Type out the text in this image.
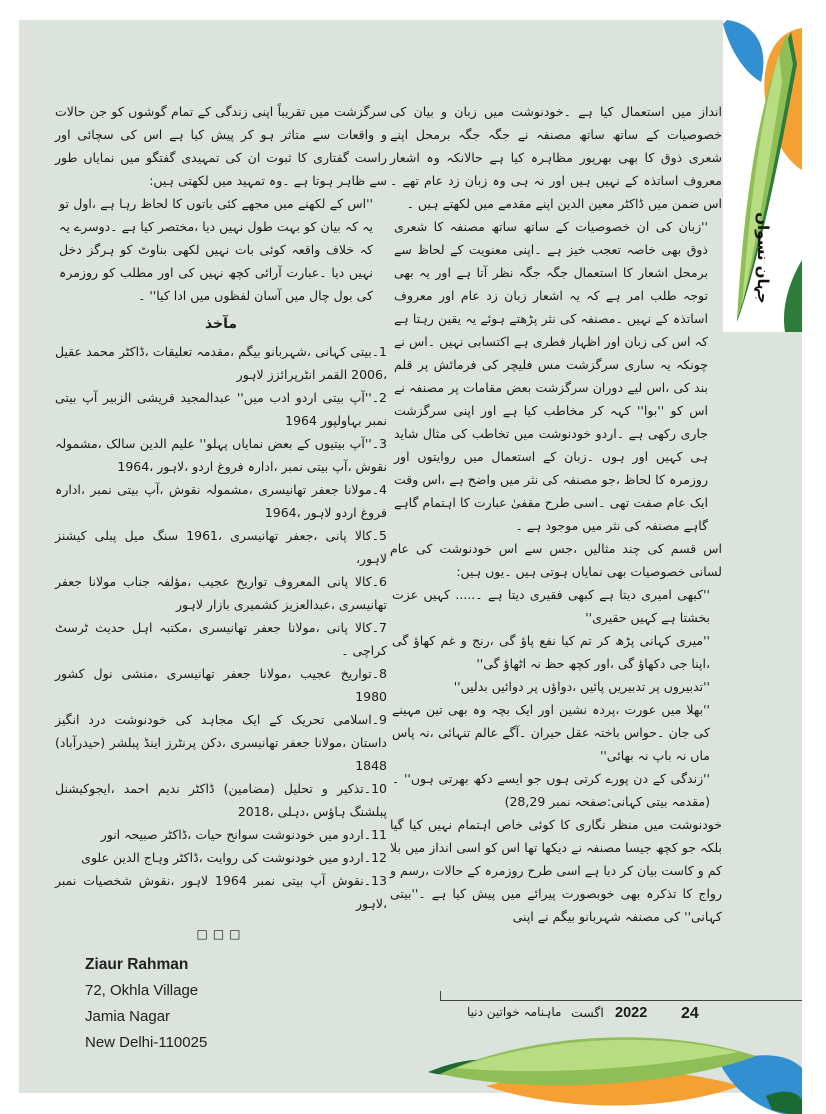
انداز میں استعمال کیا ہے ۔خودنوشت میں زبان و بیان کی خصوصیات کے ساتھ ساتھ مصنفہ نے جگہ جگہ برمحل اپنے شعری ذوق کا بھی بھرپور مظاہرہ کیا ہے حالانکہ وہ اشعار معروف اساتذہ کے نہیں ہیں اور نہ ہی وہ زبان زد عام تھے ۔اس ضمن میں ڈاکٹر معین الدین اپنے مقدمے میں لکھتے ہیں ۔

''زبان کی ان خصوصیات کے ساتھ ساتھ مصنفہ کا شعری ذوق بھی خاصہ تعجب خیز ہے ۔اپنی معنویت کے لحاظ سے برمحل اشعار کا استعمال جگہ جگہ نظر آتا ہے اور یہ بھی توجہ طلب امر ہے کہ یہ اشعار زبان زد عام اور معروف اساتذہ کے نہیں ۔مصنفہ کی نثر پڑھتے ہوئے یہ یقین رہتا ہے کہ اس کی زبان اور اظہار فطری ہے اکتسابی نہیں ۔اس نے چونکہ یہ ساری سرگزشت مس فلیچر کی فرمائش پر قلم بند کی ،اس لیے دوران سرگزشت بعض مقامات پر مصنفہ نے اس کو ''بوا'' کہہ کر مخاطب کیا ہے اور اپنی سرگزشت جاری رکھی ہے ۔اردو خودنوشت میں تخاطب کی مثال شاید ہی کہیں اور ہوں ۔زبان کے استعمال میں روایتوں اور روزمرہ کا لحاظ ،جو مصنفہ کی نثر میں واضح ہے ،اس وقت ایک عام صفت تھی ۔اسی طرح مقفیٰ عبارت کا اہتمام گاہے گاہے مصنفہ کی نثر میں موجود ہے ۔

اس قسم کی چند مثالیں ،جس سے اس خودنوشت کی عام لسانی خصوصیات بھی نمایاں ہوتی ہیں ۔یوں ہیں:

''کبھی امیری دیتا ہے کبھی فقیری دیتا ہے ۔..... کہیں عزت بخشتا ہے کہیں حقیری''

''میری کہانی پڑھ کر تم کیا نفع پاؤ گی ،رنج و غم کھاؤ گی ،اپنا جی دکھاؤ گی ،اور کچھ حظ نہ اٹھاؤ گی''

''تدبیروں پر تدبیریں پائیں ،دواؤں پر دوائیں بدلیں''

''بھلا میں عورت ،پردہ نشین اور ایک بچہ وہ بھی تین مہینے کی جان ۔حواس باختہ عقل حیران ۔آگے عالم تنہائی ،نہ پاس ماں نہ باپ نہ بھائی''

''زندگی کے دن پورے کرتی ہوں جو ایسے دکھ بھرتی ہوں'' ۔ (مقدمہ بیتی کہانی:صفحہ نمبر 28,29)

خودنوشت میں منظر نگاری کا کوئی خاص اہتمام نہیں کیا گیا بلکہ جو کچھ جیسا مصنفہ نے دیکھا تھا اس کو اسی انداز میں بلا کم و کاست بیان کر دیا ہے اسی طرح روزمرہ کے حالات ،رسم و رواج کا تذکرہ بھی خوبصورت پیرائے میں پیش کیا ہے ۔''بیتی کہانی'' کی مصنفہ شہربانو بیگم نے اپنی

سرگزشت میں تقریباً اپنی زندگی کے تمام گوشوں کو جن حالات و واقعات سے متاثر ہو کر پیش کیا ہے اس کی سچائی اور راست گفتاری کا ثبوت ان کی تمہیدی گفتگو میں نمایاں طور سے ظاہر ہوتا ہے ۔وہ تمہید میں لکھتی ہیں:

''اس کے لکھنے میں مجھے کئی باتوں کا لحاظ رہا ہے ،اول تو یہ کہ بیان کو بہت طول نہیں دیا ،مختصر کیا ہے ۔دوسرے یہ کہ خلاف واقعہ کوئی بات نہیں لکھی بناوٹ کو ہرگز دخل نہیں دیا ۔عبارت آرائی کچھ نہیں کی اور مطلب کو روزمرہ کی بول چال میں آسان لفظوں میں ادا کیا'' ۔

مآخذ

1۔بیتی کہانی ،شہربانو بیگم ،مقدمہ تعلیقات ،ڈاکٹر محمد عقیل ،2006 القمر انٹرپرائزز لاہور

2۔''آپ بیتی اردو ادب میں'' عبدالمجید قریشی الزبیر آپ بیتی نمبر بہاولپور 1964

3۔''آپ بیتیوں کے بعض نمایاں پہلو'' علیم الدین سالک ،مشمولہ نقوش ،آپ بیتی نمبر ،ادارہ فروغ اردو ،لاہور ،1964

4۔مولانا جعفر تھانیسری ،مشمولہ نقوش ،آپ بیتی نمبر ،ادارہ فروغ اردو لاہور ،1964

5۔کالا پانی ،جعفر تھانیسری ،1961 سنگ میل پبلی کیشنز لاہور،

6۔کالا پانی المعروف تواریخ عجیب ،مؤلفہ جناب مولانا جعفر تھانیسری ،عبدالعزیز کشمیری بازار لاہور

7۔کالا پانی ،مولانا جعفر تھانیسری ،مکتبہ اہل حدیث ٹرسٹ کراچی ۔

8۔تواریخ عجیب ،مولانا جعفر تھانیسری ،منشی نول کشور 1980

9۔اسلامی تحریک کے ایک مجاہد کی خودنوشت درد انگیز داستان ،مولانا جعفر تھانیسری ،دکن پرنٹرز اینڈ پبلشر (حیدرآباد) 1848

10۔تذکیر و تحلیل (مضامین) ڈاکٹر ندیم احمد ،ایجوکیشنل پبلشنگ ہاؤس ،دہلی ،2018

11۔اردو میں خودنوشت سوانح حیات ،ڈاکٹر صبیحہ انور

12۔اردو میں خودنوشت کی روایت ،ڈاکٹر وہاج الدین علوی

13۔نقوش آپ بیتی نمبر 1964 لاہور ،نقوش شخصیات نمبر ،لاہور

□□□
Ziaur Rahman
72, Okhla Village
Jamia Nagar
New Delhi-110025
جہان نسواں
ماہنامہ خواتین دنیا اگست 2022 24
